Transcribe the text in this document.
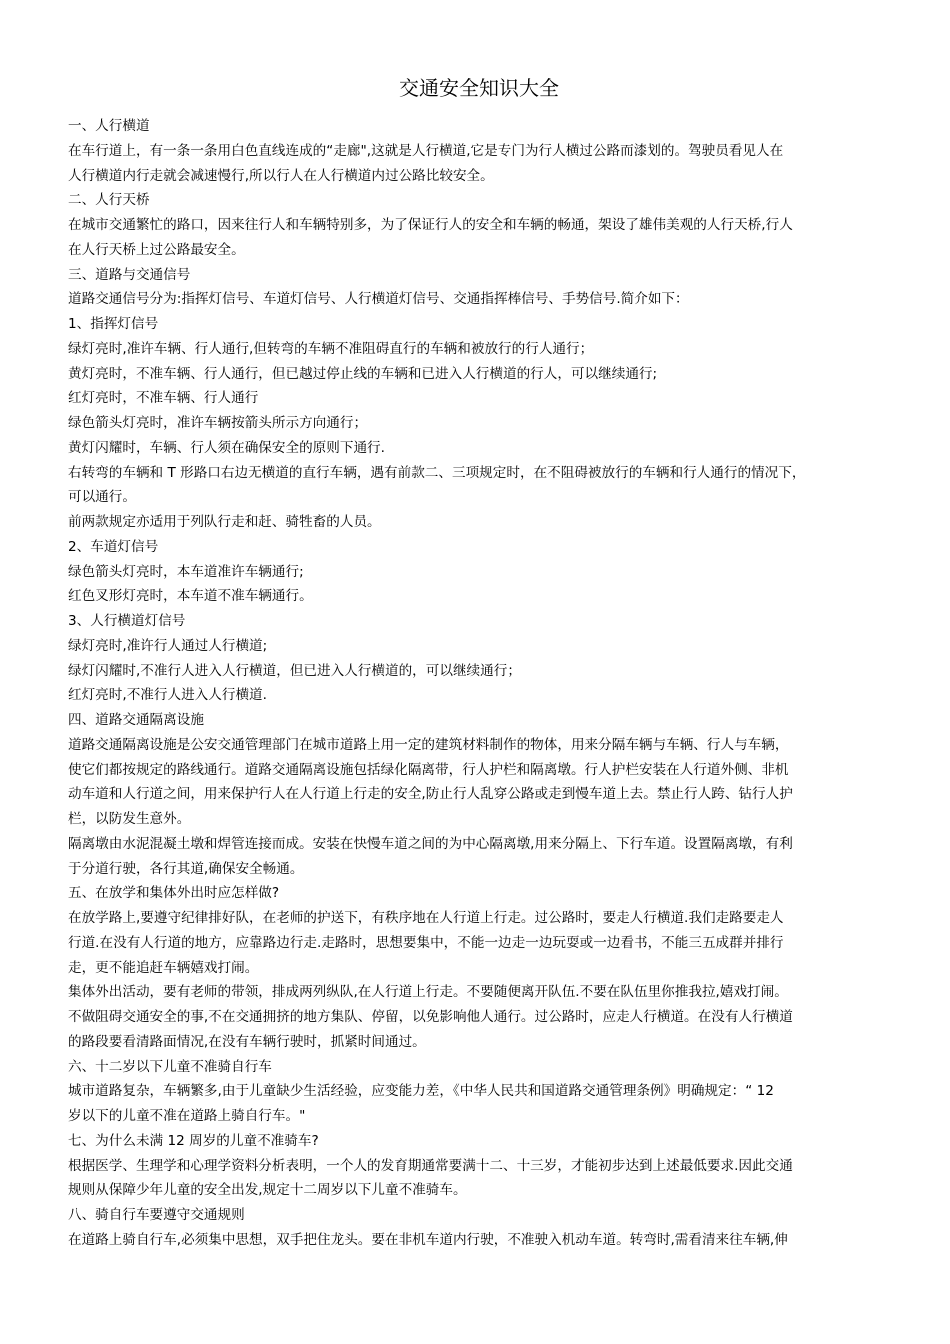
交通安全知识大全
一、人行横道
在车行道上，有一条一条用白色直线连成的“走廊",这就是人行横道,它是专门为行人横过公路而漆划的。驾驶员看见人在
人行横道内行走就会减速慢行,所以行人在人行横道内过公路比较安全。
二、人行天桥
在城市交通繁忙的路口，因来往行人和车辆特别多，为了保证行人的安全和车辆的畅通，架设了雄伟美观的人行天桥,行人
在人行天桥上过公路最安全。
三、道路与交通信号
道路交通信号分为:指挥灯信号、车道灯信号、人行横道灯信号、交通指挥棒信号、手势信号.简介如下：
1、指挥灯信号
绿灯亮时,准许车辆、行人通行,但转弯的车辆不准阻碍直行的车辆和被放行的行人通行；
黄灯亮时，不准车辆、行人通行，但已越过停止线的车辆和已进入人行横道的行人，可以继续通行;
红灯亮时，不准车辆、行人通行
绿色箭头灯亮时，准许车辆按箭头所示方向通行；
黄灯闪耀时，车辆、行人须在确保安全的原则下通行.
右转弯的车辆和 T 形路口右边无横道的直行车辆，遇有前款二、三项规定时，在不阻碍被放行的车辆和行人通行的情况下，
可以通行。
前两款规定亦适用于列队行走和赶、骑牲畜的人员。
2、车道灯信号
绿色箭头灯亮时，本车道准许车辆通行;
红色叉形灯亮时，本车道不准车辆通行。
3、人行横道灯信号
绿灯亮时,准许行人通过人行横道;
绿灯闪耀时,不准行人进入人行横道，但已进入人行横道的，可以继续通行；
红灯亮时,不准行人进入人行横道.
四、道路交通隔离设施
道路交通隔离设施是公安交通管理部门在城市道路上用一定的建筑材料制作的物体，用来分隔车辆与车辆、行人与车辆，
使它们都按规定的路线通行。道路交通隔离设施包括绿化隔离带，行人护栏和隔离墩。行人护栏安装在人行道外侧、非机
动车道和人行道之间，用来保护行人在人行道上行走的安全,防止行人乱穿公路或走到慢车道上去。禁止行人跨、钻行人护
栏，以防发生意外。
隔离墩由水泥混凝土墩和焊管连接而成。安装在快慢车道之间的为中心隔离墩,用来分隔上、下行车道。设置隔离墩，有利
于分道行驶，各行其道,确保安全畅通。
五、在放学和集体外出时应怎样做?
在放学路上,要遵守纪律排好队，在老师的护送下，有秩序地在人行道上行走。过公路时，要走人行横道.我们走路要走人
行道.在没有人行道的地方，应靠路边行走.走路时，思想要集中，不能一边走一边玩耍或一边看书，不能三五成群并排行
走，更不能追赶车辆嬉戏打闹。
集体外出活动，要有老师的带领，排成两列纵队,在人行道上行走。不要随便离开队伍.不要在队伍里你推我拉,嬉戏打闹。
不做阻碍交通安全的事,不在交通拥挤的地方集队、停留，以免影响他人通行。过公路时，应走人行横道。在没有人行横道
的路段要看清路面情况,在没有车辆行驶时，抓紧时间通过。
六、十二岁以下儿童不准骑自行车
城市道路复杂，车辆繁多,由于儿童缺少生活经验，应变能力差，《中华人民共和国道路交通管理条例》明确规定：“ 12
岁以下的儿童不准在道路上骑自行车。"
七、为什么未满 12 周岁的儿童不准骑车?
根据医学、生理学和心理学资料分析表明，一个人的发育期通常要满十二、十三岁，才能初步达到上述最低要求.因此交通
规则从保障少年儿童的安全出发,规定十二周岁以下儿童不准骑车。
八、骑自行车要遵守交通规则
在道路上骑自行车,必须集中思想，双手把住龙头。要在非机车道内行驶，不准驶入机动车道。转弯时,需看清来往车辆,伸
